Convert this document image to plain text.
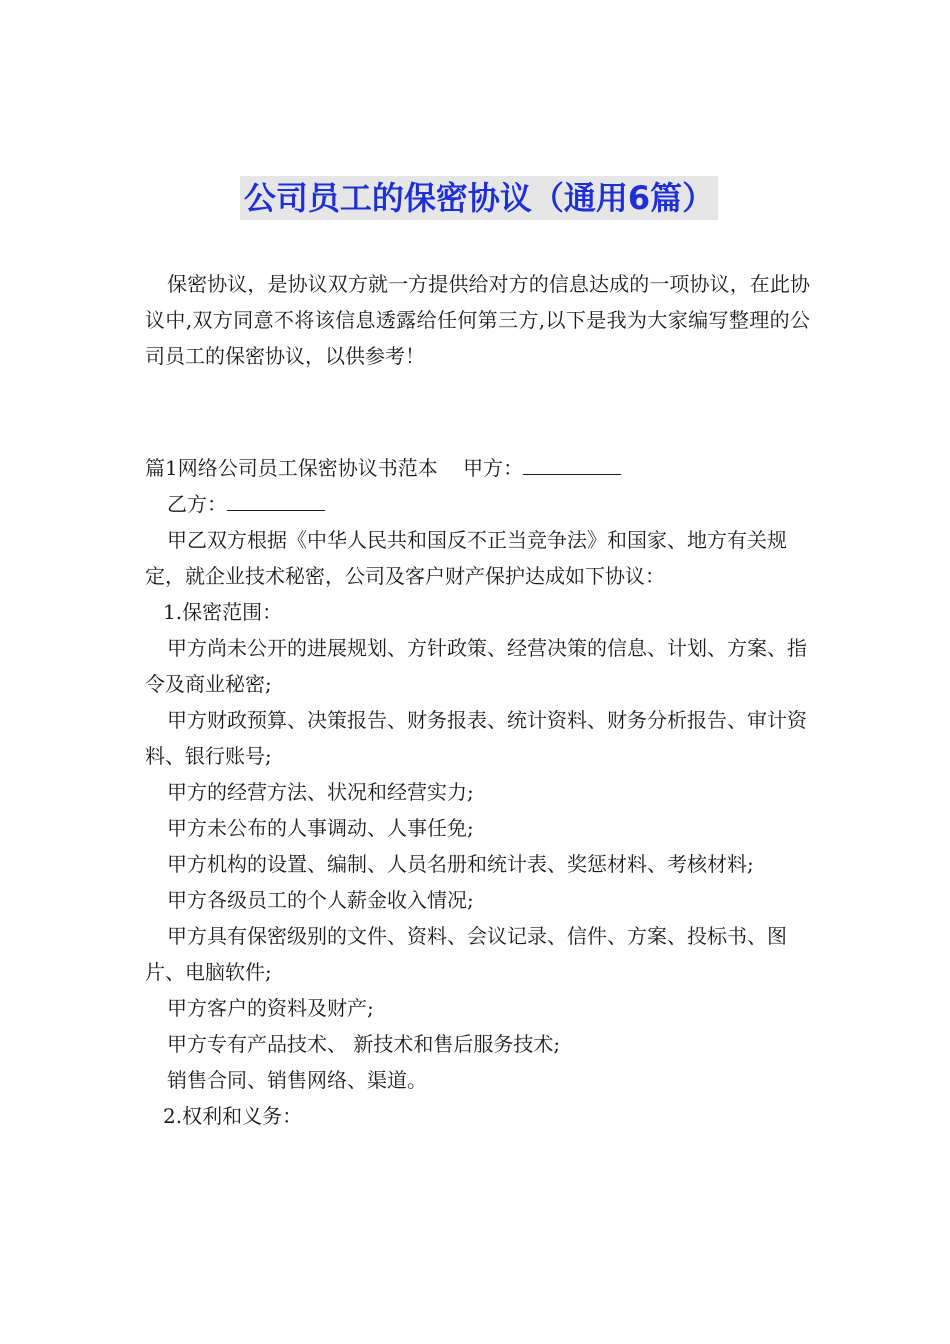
公司员工的保密协议（通用6篇）

保密协议，是协议双方就一方提供给对方的信息达成的一项协议，在此协议中,双方同意不将该信息透露给任何第三方,以下是我为大家编写整理的公司员工的保密协议，以供参考！

篇1网络公司员工保密协议书范本 甲方：

乙方：

甲乙双方根据《中华人民共和国反不正当竞争法》和国家、地方有关规定，就企业技术秘密，公司及客户财产保护达成如下协议：

1.保密范围：

甲方尚未公开的进展规划、方针政策、经营决策的信息、计划、方案、指令及商业秘密;

甲方财政预算、决策报告、财务报表、统计资料、财务分析报告、审计资料、银行账号;

甲方的经营方法、状况和经营实力;

甲方未公布的人事调动、人事任免;

甲方机构的设置、编制、人员名册和统计表、奖惩材料、考核材料;

甲方各级员工的个人薪金收入情况;

甲方具有保密级别的文件、资料、会议记录、信件、方案、投标书、图片、电脑软件;

甲方客户的资料及财产;

甲方专有产品技术、 新技术和售后服务技术;

销售合同、销售网络、渠道。

2.权利和义务：
